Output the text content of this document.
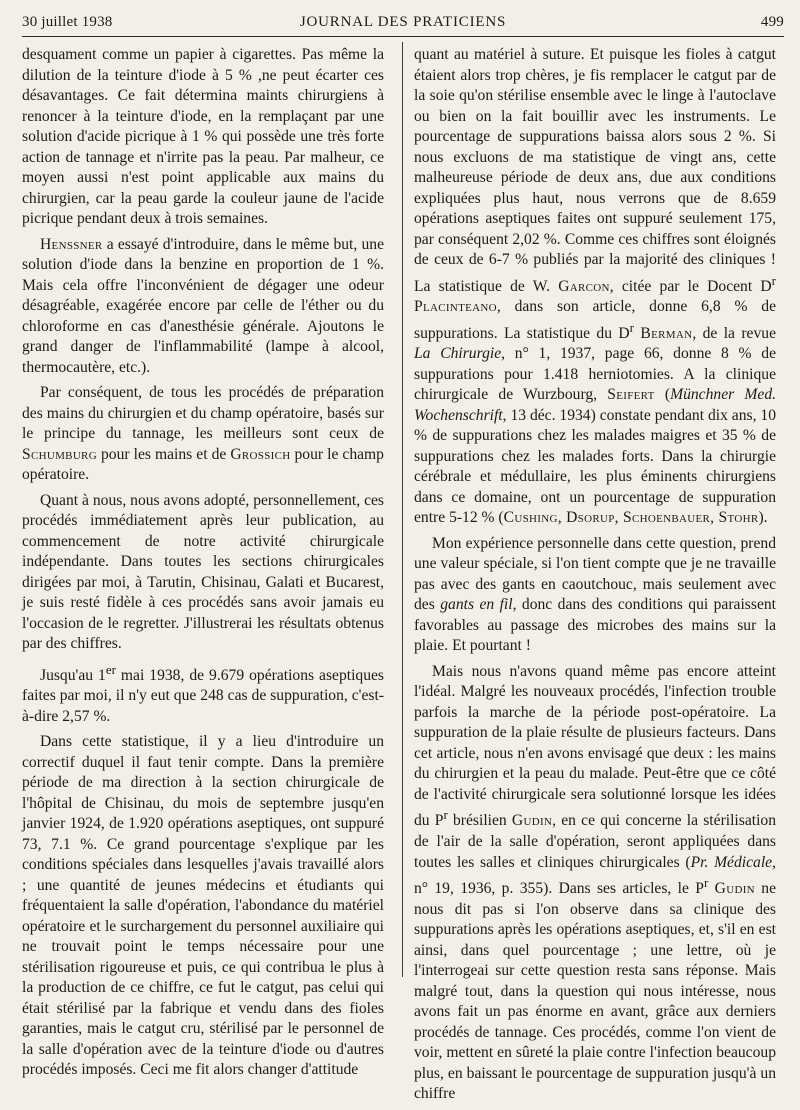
30 juillet 1938	JOURNAL DES PRATICIENS	499

desquament comme un papier à cigarettes. Pas même la dilution de la teinture d'iode à 5 % ,ne peut écarter ces désavantages. Ce fait détermina maints chirurgiens à renoncer à la teinture d'iode, en la remplaçant par une solution d'acide picrique à 1 % qui possède une très forte action de tannage et n'irrite pas la peau. Par malheur, ce moyen aussi n'est point applicable aux mains du chirurgien, car la peau garde la couleur jaune de l'acide picrique pendant deux à trois semaines.

Henssner a essayé d'introduire, dans le même but, une solution d'iode dans la benzine en proportion de 1 %. Mais cela offre l'inconvénient de dégager une odeur désagréable, exagérée encore par celle de l'éther ou du chloroforme en cas d'anesthésie générale. Ajoutons le grand danger de l'inflammabilité (lampe à alcool, thermocautère, etc.).

Par conséquent, de tous les procédés de préparation des mains du chirurgien et du champ opératoire, basés sur le principe du tannage, les meilleurs sont ceux de Schumburg pour les mains et de Grossich pour le champ opératoire.

Quant à nous, nous avons adopté, personnellement, ces procédés immédiatement après leur publication, au commencement de notre activité chirurgicale indépendante. Dans toutes les sections chirurgicales dirigées par moi, à Tarutin, Chisinau, Galati et Bucarest, je suis resté fidèle à ces procédés sans avoir jamais eu l'occasion de le regretter. J'illustrerai les résultats obtenus par des chiffres.

Jusqu'au 1er mai 1938, de 9.679 opérations aseptiques faites par moi, il n'y eut que 248 cas de suppuration, c'est-à-dire 2,57 %.

Dans cette statistique, il y a lieu d'introduire un correctif duquel il faut tenir compte. Dans la première période de ma direction à la section chirurgicale de l'hôpital de Chisinau, du mois de septembre jusqu'en janvier 1924, de 1.920 opérations aseptiques, ont suppuré 73, 7.1 %. Ce grand pourcentage s'explique par les conditions spéciales dans lesquelles j'avais travaillé alors ; une quantité de jeunes médecins et étudiants qui fréquentaient la salle d'opération, l'abondance du matériel opératoire et le surchargement du personnel auxiliaire qui ne trouvait point le temps nécessaire pour une stérilisation rigoureuse et puis, ce qui contribua le plus à la production de ce chiffre, ce fut le catgut, pas celui qui était stérilisé par la fabrique et vendu dans des fioles garanties, mais le catgut cru, stérilisé par le personnel de la salle d'opération avec de la teinture d'iode ou d'autres procédés imposés. Ceci me fit alors changer d'attitude

quant au matériel à suture. Et puisque les fioles à catgut étaient alors trop chères, je fis remplacer le catgut par de la soie qu'on stérilise ensemble avec le linge à l'autoclave ou bien on la fait bouillir avec les instruments. Le pourcentage de suppurations baissa alors sous 2 %. Si nous excluons de ma statistique de vingt ans, cette malheureuse période de deux ans, due aux conditions expliquées plus haut, nous verrons que de 8.659 opérations aseptiques faites ont suppuré seulement 175, par conséquent 2,02 %. Comme ces chiffres sont éloignés de ceux de 6-7 % publiés par la majorité des cliniques ! La statistique de W. Garcon, citée par le Docent $D^r$ Placinteano, dans son article, donne 6,8 % de suppurations. La statistique du $D^r$ Berman, de la revue La Chirurgie, n° 1, 1937, page 66, donne 8 % de suppurations pour 1.418 herniotomies. A la clinique chirurgicale de Wurzbourg, Seifert (Münchner Med. Wochenschrift, 13 déc. 1934) constate pendant dix ans, 10 % de suppurations chez les malades maigres et 35 % de suppurations chez les malades forts. Dans la chirurgie cérébrale et médullaire, les plus éminents chirurgiens dans ce domaine, ont un pourcentage de suppuration entre 5-12 % (Cushing, Dsorup, Schoenbauer, Stohr).

Mon expérience personnelle dans cette question, prend une valeur spéciale, si l'on tient compte que je ne travaille pas avec des gants en caoutchouc, mais seulement avec des gants en fil, donc dans des conditions qui paraissent favorables au passage des microbes des mains sur la plaie. Et pourtant !

Mais nous n'avons quand même pas encore atteint l'idéal. Malgré les nouveaux procédés, l'infection trouble parfois la marche de la période post-opératoire. La suppuration de la plaie résulte de plusieurs facteurs. Dans cet article, nous n'en avons envisagé que deux : les mains du chirurgien et la peau du malade. Peut-être que ce côté de l'activité chirurgicale sera solutionné lorsque les idées du $P^r$ brésilien Gudin, en ce qui concerne la stérilisation de l'air de la salle d'opération, seront appliquées dans toutes les salles et cliniques chirurgicales (Pr. Médicale, n° 19, 1936, p. 355). Dans ses articles, le $P^r$ Gudin ne nous dit pas si l'on observe dans sa clinique des suppurations après les opérations aseptiques, et, s'il en est ainsi, dans quel pourcentage ; une lettre, où je l'interrogeai sur cette question resta sans réponse. Mais malgré tout, dans la question qui nous intéresse, nous avons fait un pas énorme en avant, grâce aux derniers procédés de tannage. Ces procédés, comme l'on vient de voir, mettent en sûreté la plaie contre l'infection beaucoup plus, en baissant le pourcentage de suppuration jusqu'à un chiffre
